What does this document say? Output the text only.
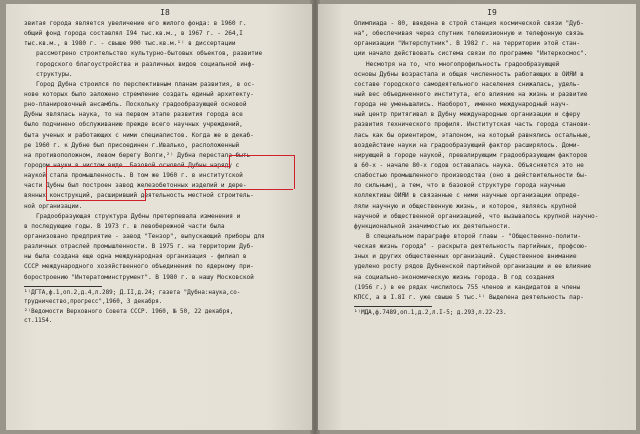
I8
звитая города является увеличение его жилого фонда: в 1960 г.
общий фонд города составлял I94 тыс.кв.м., в 1967 г. - 264,I
тыс.кв.м., в 1980 г. - свыше 900 тыс.кв.м.¹⁾ в диссертации
рассмотрено строительство культурно-бытовых объектов, развитие
городского благоустройства и различных видов социальной инф-
структуры.
Город Дубна строился по перспективным планам развития, в ос-
нове которых было заложено стремление создать единый архитекту-
рно-планировочный ансамбль. Поскольку градообразующей основой
Дубны являлась наука, то на первом этапе развития города все
было подчинено обслуживанию прежде всего научных учреждений,
быта ученых и работающих с ними специалистов. Когда же в декаб-
ре 1960 г. к Дубне был присоединен г.Ивалько, расположенный
на противоположном, левом берегу Волги,²⁾ Дубна перестала быть
городом науки в чистом виде. Базовой основой Дубны наряду с
наукой стала промышленность. В том же 1960 г. в институтской
части Дубны был построен завод железобетонных изделий и дере-
вянных конструкций, расширивший деятельность местной строитель-
ной организации.
Градообразующая структура Дубны претерпевала изменения и
в последующие годы. В 1973 г. в левобережной части была
организовано предприятие - завод "Тензор", выпускающий приборы для
различных отраслей промышленности. В 1975 г. на территории Дуб-
ны была создана еще одна международная организация - филиал в
СССР международного хозяйственного объединения по ядерному при-
боростроению "Интератоминструмент". В 1980 г. в нашу Московской
¹⁾ДГТА,ф.1,оп.2,д.4,л.289; Д.II,д.24; газета "Дубна:наука,со-
трудничество,прогресс",1960, 3 декабря.
²⁾Ведомости Верховного Совета СССР. 1960, № 50, 22 декабря,
ст.1154.
I9
Олимпиада - 80, введена в строй станция космической связи "Дуб-
на", обеспечивая через спутник телевизионную и телефонную связь
организации "Интерспутник". В 1982 г. на территории этой стан-
ции начало действовать система связи по программе "Интеркосмос".
Несмотря на то, что многопрофильность градообразующей
основы Дубны возрастала и общая численность работающих в ОИЯИ в
составе городского самодеятельного населения снижалась, удель-
ный вес объединенного института, его влияние на жизнь и развитие
города не уменьшались. Наоборот, именно международный науч-
ный центр притягивал в Дубну международные организации и сферу
развития технического профиля. Институтская часть города станови-
лась как бы ориентиром, эталоном, на который равнялись остальные,
воздействие науки на градообразующий фактор расширялось. Доми-
нирующей в городе наукой, превалирующим градообразующим факторов
в 60-х - начале 80-х годов оставалась наука. Объясняется это не
слабостью промышленного производства (оно в действительности бы-
ло сильным), а тем, что в базовой структуре города научные
коллективы ОИЯИ в связанные с ними научные организации опреде-
ляли научную и общественную жизнь, и которое, являясь крупной
научной и общественной организацией, что вызывалось крупной научно-
функциональной значимостью их деятельности.
В специальном параграфе второй главы - "Общественно-полити-
ческая жизнь города" - раскрыта деятельность партийных, профсою-
зных и других общественных организаций. Существенное внимание
уделено росту рядов Дубненской партийной организации и ее влияние
на социально-экономическую жизнь города. В год создания
(1956 г.) в ее рядах числилось 755 членов и кандидатов в члены
КПСС, а в I.8I г. уже свыше 5 тыс.¹⁾ Выделена деятельность пар-
¹⁾МДА,ф.7489,оп.1,д.2,л.I-5; д.293,л.22-23.
